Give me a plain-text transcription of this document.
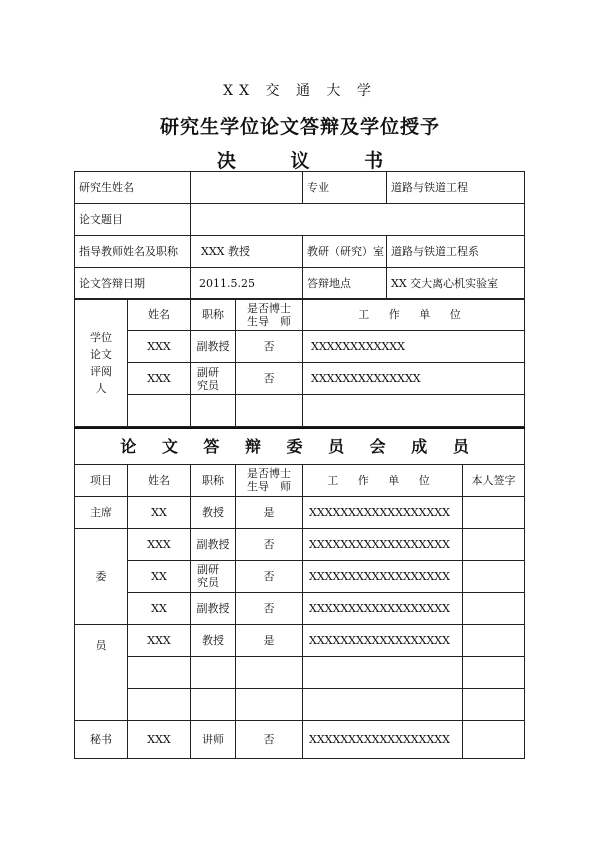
XX 交 通 大 学
研究生学位论文答辩及学位授予
决 议 书
研究生姓名		专业	道路与铁道工程
论文题目			
指导教师姓名及职称	XXX 教授	教研（研究）室	道路与铁道工程系
论文答辩日期	2011.5.25	答辩地点	XX 交大离心机实验室
学位论文评阅人	姓名	职称	是否博士生导　师	工 作 单 位
	XXX	副教授	否	XXXXXXXXXXXX
	XXX	副研究员	否	XXXXXXXXXXXXXX

论 文 答 辩 委 员 会 成 员					
项目	姓名	职称	是否博士生导　师	工 作 单 位	本人签字
主席	XX	教授	是	XXXXXXXXXXXXXXXXXX	
委	XXX	副教授	否	XXXXXXXXXXXXXXXXXX	
	XX	副研究员	否	XXXXXXXXXXXXXXXXXX	
	XX	副教授	否	XXXXXXXXXXXXXXXXXX	
员	XXX	教授	是	XXXXXXXXXXXXXXXXXX	

秘书	XXX	讲师	否	XXXXXXXXXXXXXXXXXX	
